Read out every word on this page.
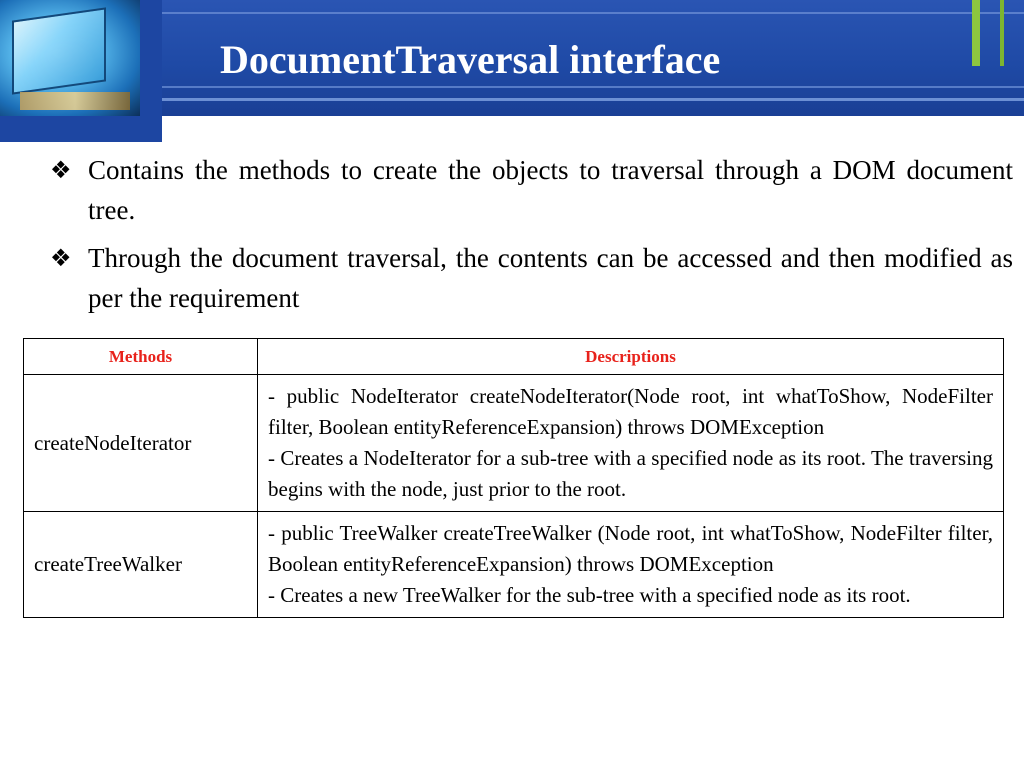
DocumentTraversal interface

❖ Contains the methods to create the objects to traversal through a DOM document tree.

❖ Through the document traversal, the contents can be accessed and then modified as per the requirement

Methods	Descriptions
createNodeIterator	- public NodeIterator createNodeIterator(Node root, int whatToShow, NodeFilter filter, Boolean entityReferenceExpansion) throws DOMException
- Creates a NodeIterator for a sub-tree with a specified node as its root. The traversing begins with the node, just prior to the root.

createTreeWalker	- public TreeWalker createTreeWalker (Node root, int whatToShow, NodeFilter filter, Boolean entityReferenceExpansion) throws DOMException
- Creates a new TreeWalker for the sub-tree with a specified node as its root.
